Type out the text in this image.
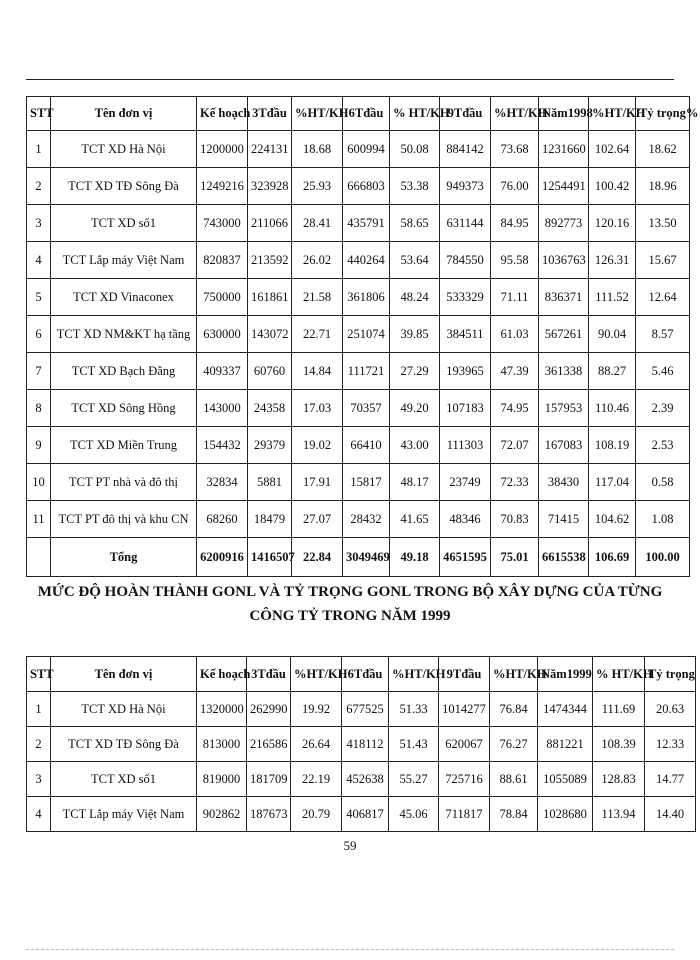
STT	Tên đơn vị	Kế hoạch	3Tđầu	%HT/KH	6Tđầu	% HT/KH	9Tđầu	%HT/KH	Năm1998	%HT/KH	Tỷ trọng%
1	TCT XD Hà Nội	1200000	224131	18.68	600994	50.08	884142	73.68	1231660	102.64	18.62
2	TCT XD TĐ Sông Đà	1249216	323928	25.93	666803	53.38	949373	76.00	1254491	100.42	18.96
3	TCT XD số1	743000	211066	28.41	435791	58.65	631144	84.95	892773	120.16	13.50
4	TCT Lắp máy Việt Nam	820837	213592	26.02	440264	53.64	784550	95.58	1036763	126.31	15.67
5	TCT XD Vinaconex	750000	161861	21.58	361806	48.24	533329	71.11	836371	111.52	12.64
6	TCT XD NM&KT hạ tầng	630000	143072	22.71	251074	39.85	384511	61.03	567261	90.04	8.57
7	TCT XD Bạch Đằng	409337	60760	14.84	111721	27.29	193965	47.39	361338	88.27	5.46
8	TCT XD Sông Hồng	143000	24358	17.03	70357	49.20	107183	74.95	157953	110.46	2.39
9	TCT XD Miền Trung	154432	29379	19.02	66410	43.00	111303	72.07	167083	108.19	2.53
10	TCT PT nhà và đô thị	32834	5881	17.91	15817	48.17	23749	72.33	38430	117.04	0.58
11	TCT PT đô thị và khu CN	68260	18479	27.07	28432	41.65	48346	70.83	71415	104.62	1.08
	Tổng	6200916	1416507	22.84	3049469	49.18	4651595	75.01	6615538	106.69	100.00
MỨC ĐỘ HOÀN THÀNH GONL VÀ TỶ TRỌNG GONL TRONG BỘ XÂY DỰNG CỦA TỪNG CÔNG TỶ TRONG NĂM 1999
STT	Tên đơn vị	Kế hoạch	3Tđầu	%HT/KH	6Tđầu	%HT/KH	9Tđầu	%HT/KH	Năm1999	% HT/KH	Tỷ trọng
1	TCT XD Hà Nội	1320000	262990	19.92	677525	51.33	1014277	76.84	1474344	111.69	20.63
2	TCT XD TĐ Sông Đà	813000	216586	26.64	418112	51.43	620067	76.27	881221	108.39	12.33
3	TCT XD số1	819000	181709	22.19	452638	55.27	725716	88.61	1055089	128.83	14.77
4	TCT Lắp máy Việt Nam	902862	187673	20.79	406817	45.06	711817	78.84	1028680	113.94	14.40
59
